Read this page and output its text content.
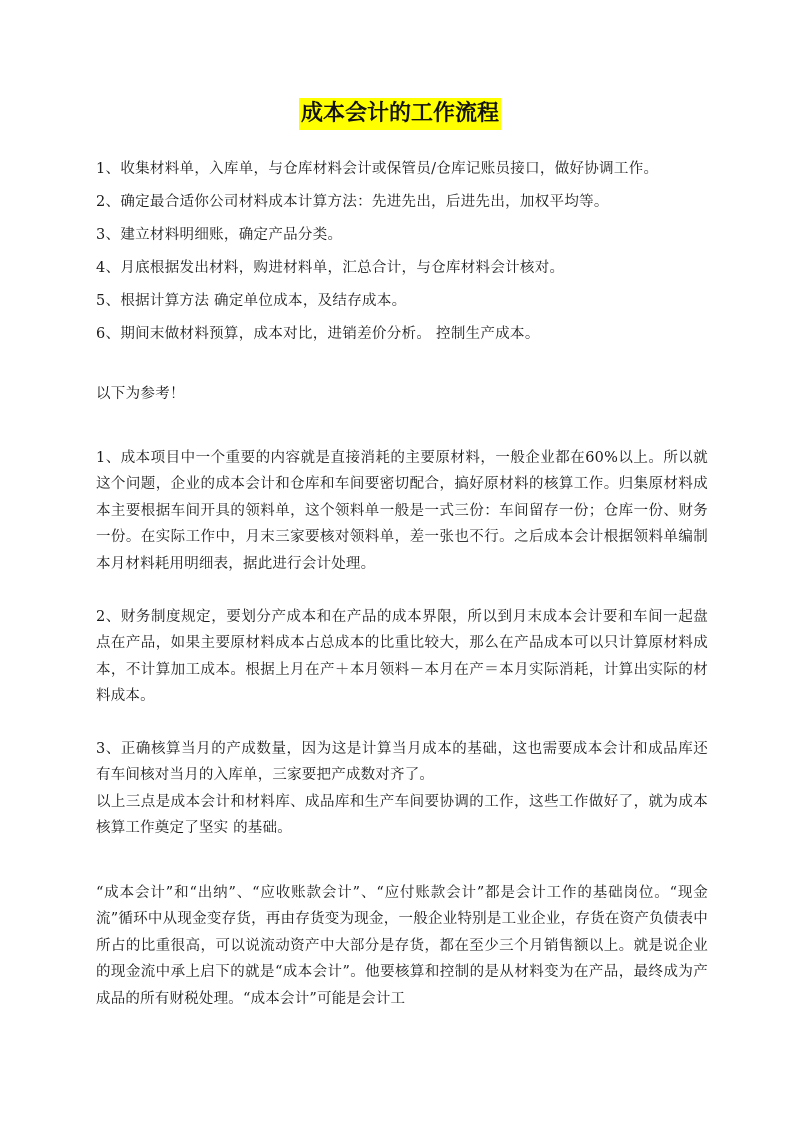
成本会计的工作流程
1、收集材料单，入库单，与仓库材料会计或保管员/仓库记账员接口，做好协调工作。
2、确定最合适你公司材料成本计算方法：先进先出，后进先出，加权平均等。
3、建立材料明细账，确定产品分类。
4、月底根据发出材料，购进材料单，汇总合计，与仓库材料会计核对。
5、根据计算方法 确定单位成本，及结存成本。
6、期间末做材料预算，成本对比，进销差价分析。 控制生产成本。
以下为参考！

1、成本项目中一个重要的内容就是直接消耗的主要原材料，一般企业都在60%以上。所以就这个问题，企业的成本会计和仓库和车间要密切配合，搞好原材料的核算工作。归集原材料成本主要根据车间开具的领料单，这个领料单一般是一式三份：车间留存一份；仓库一份、财务一份。在实际工作中，月末三家要核对领料单，差一张也不行。之后成本会计根据领料单编制本月材料耗用明细表，据此进行会计处理。

2、财务制度规定，要划分产成本和在产品的成本界限，所以到月末成本会计要和车间一起盘点在产品，如果主要原材料成本占总成本的比重比较大，那么在产品成本可以只计算原材料成本，不计算加工成本。根据上月在产＋本月领料－本月在产＝本月实际消耗，计算出实际的材料成本。

3、正确核算当月的产成数量，因为这是计算当月成本的基础，这也需要成本会计和成品库还有车间核对当月的入库单，三家要把产成数对齐了。

以上三点是成本会计和材料库、成品库和生产车间要协调的工作，这些工作做好了，就为成本核算工作奠定了坚实 的基础。

“成本会计”和“出纳”、“应收账款会计”、“应付账款会计”都是会计工作的基础岗位。“现金流”循环中从现金变存货，再由存货变为现金，一般企业特别是工业企业，存货在资产负债表中所占的比重很高，可以说流动资产中大部分是存货，都在至少三个月销售额以上。就是说企业的现金流中承上启下的就是“成本会计”。他要核算和控制的是从材料变为在产品，最终成为产成品的所有财税处理。“成本会计”可能是会计工
